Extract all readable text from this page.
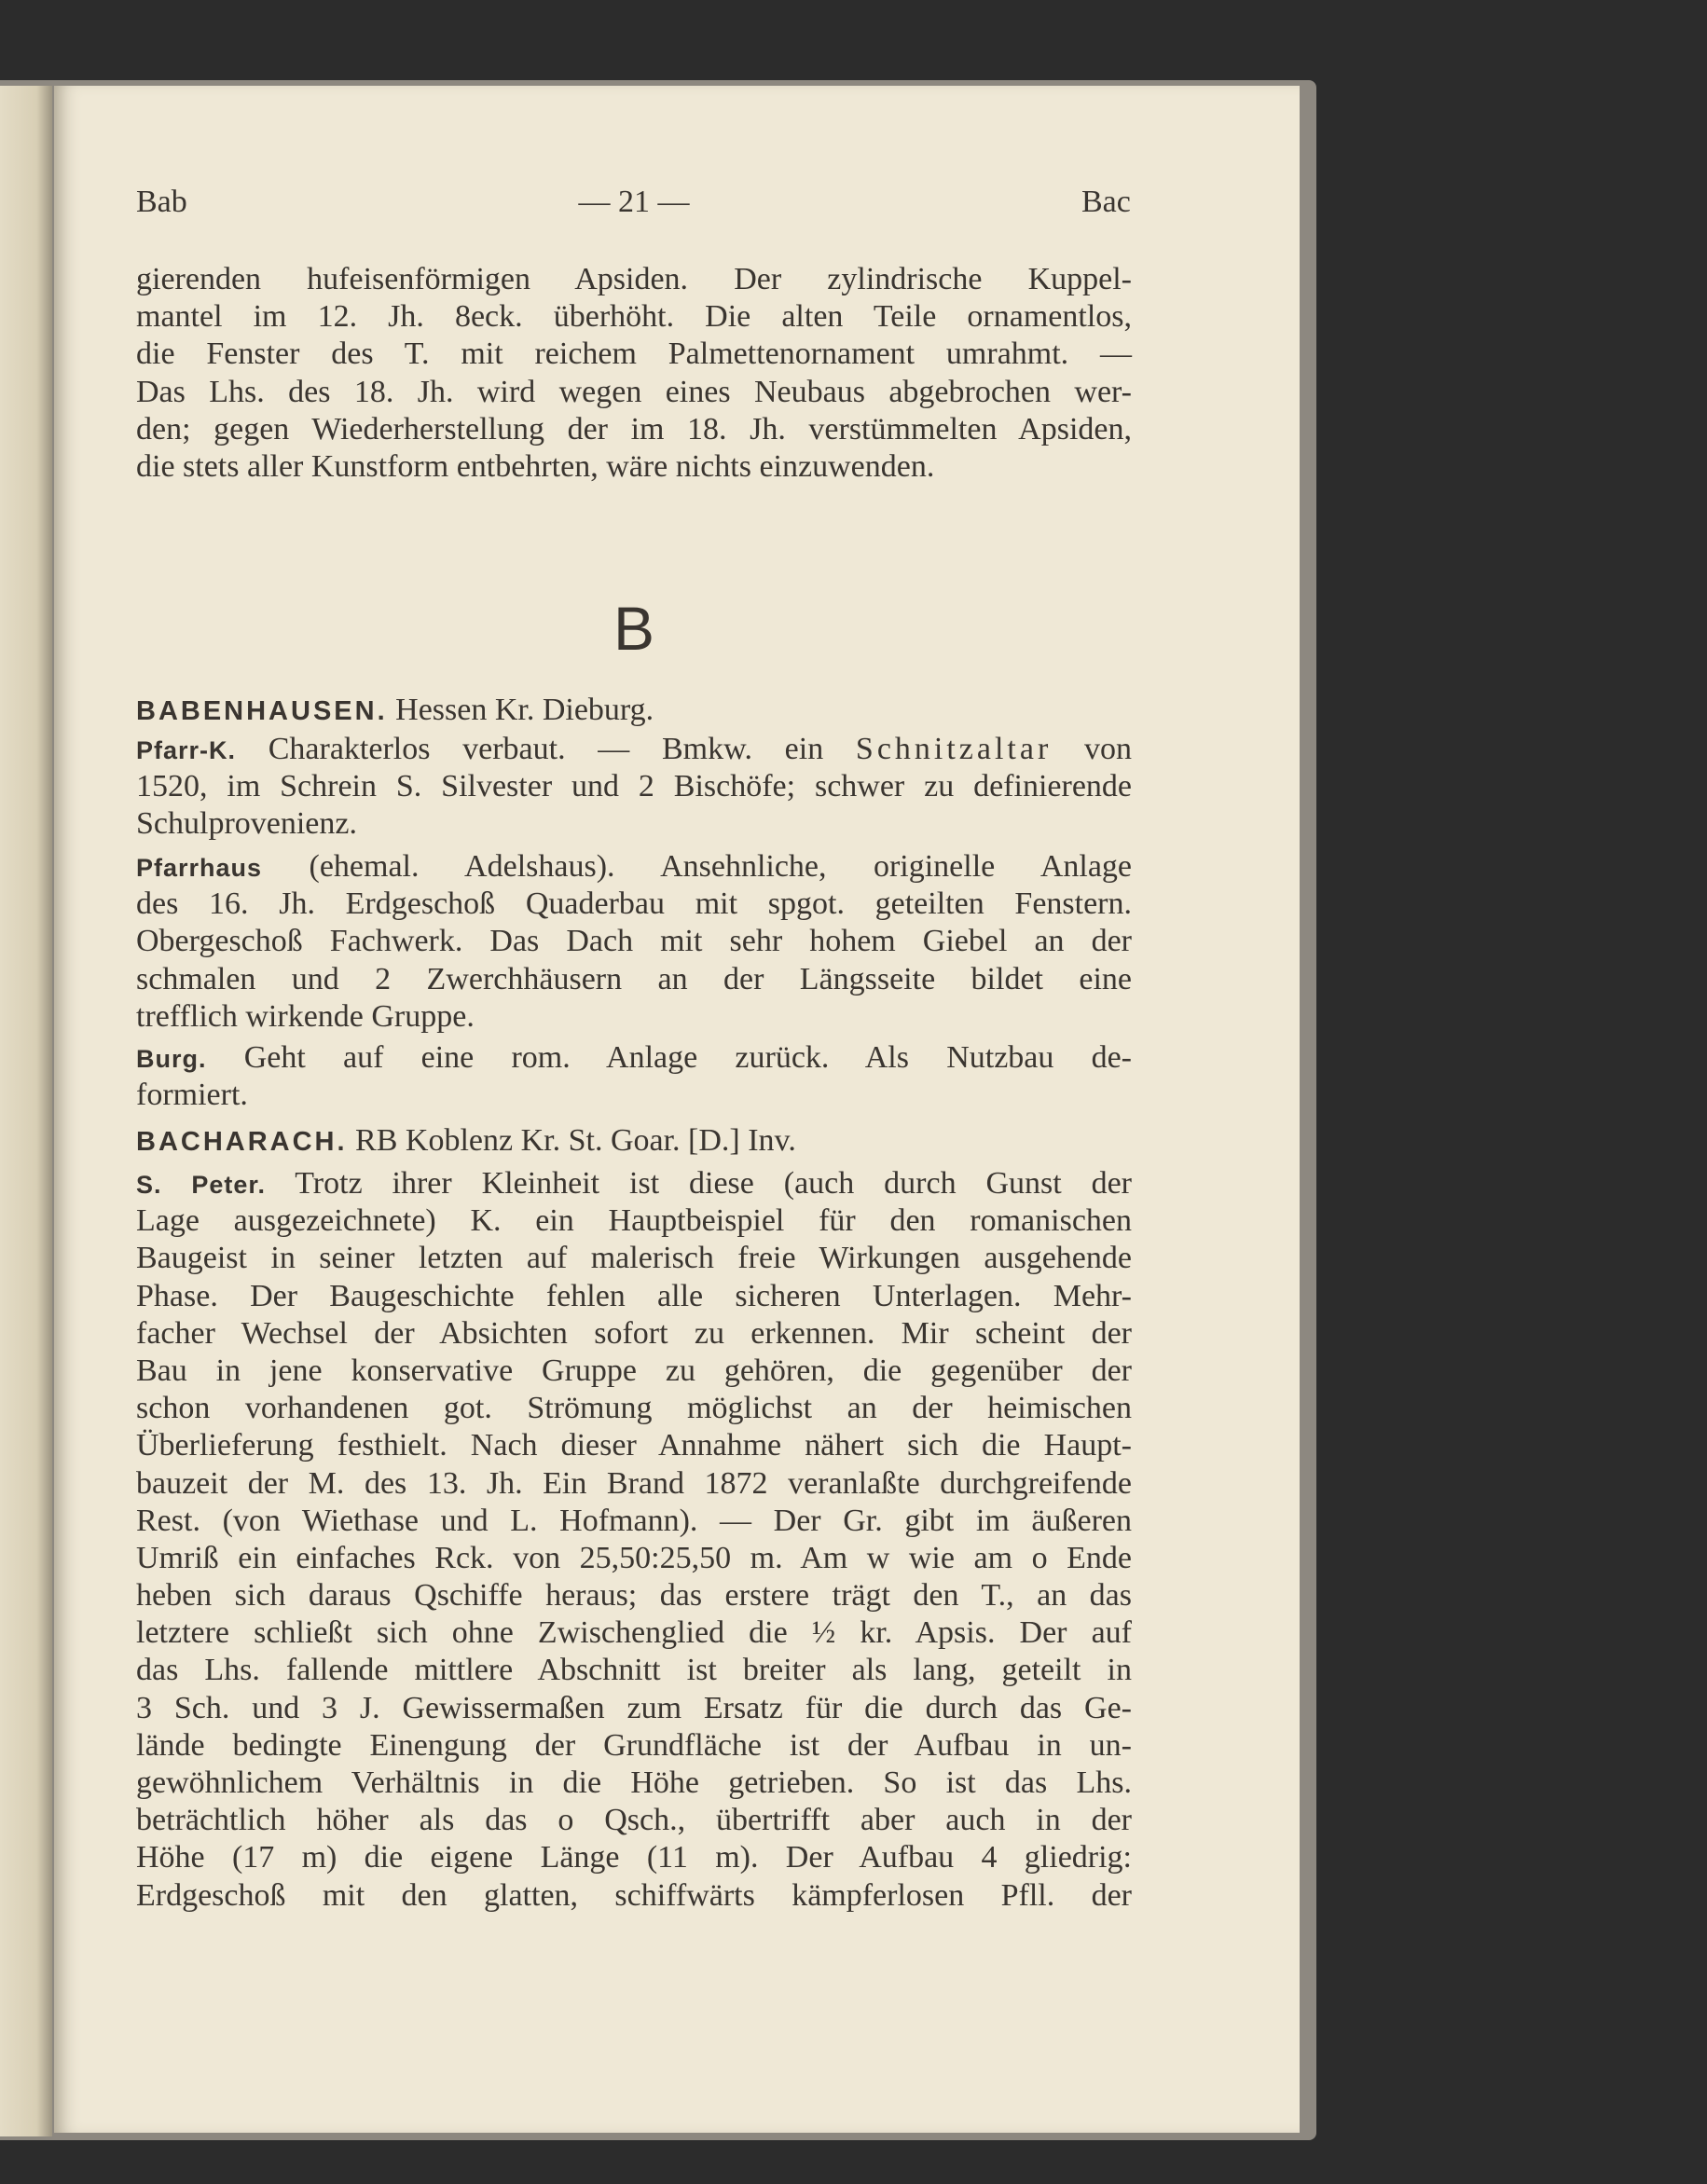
Bab	— 21 —	Bac
B
gierenden hufeisenförmigen Apsiden. Der zylindrische Kuppel-
mantel im 12. Jh. 8eck. überhöht. Die alten Teile ornamentlos,
die Fenster des T. mit reichem Palmettenornament umrahmt. —
Das Lhs. des 18. Jh. wird wegen eines Neubaus abgebrochen wer-
den; gegen Wiederherstellung der im 18. Jh. verstümmelten Apsiden,
die stets aller Kunstform entbehrten, wäre nichts einzuwenden.
BABENHAUSEN. Hessen Kr. Dieburg.
Pfarr-K. Charakterlos verbaut. — Bmkw. ein Schnitzaltar von
1520, im Schrein S. Silvester und 2 Bischöfe; schwer zu definierende
Schulprovenienz.
Pfarrhaus (ehemal. Adelshaus). Ansehnliche, originelle Anlage
des 16. Jh. Erdgeschoß Quaderbau mit spgot. geteilten Fenstern.
Obergeschoß Fachwerk. Das Dach mit sehr hohem Giebel an der
schmalen und 2 Zwerchhäusern an der Längsseite bildet eine
trefflich wirkende Gruppe.
Burg. Geht auf eine rom. Anlage zurück. Als Nutzbau de-
formiert.
BACHARACH. RB Koblenz Kr. St. Goar. [D.] Inv.
S. Peter. Trotz ihrer Kleinheit ist diese (auch durch Gunst der
Lage ausgezeichnete) K. ein Hauptbeispiel für den romanischen
Baugeist in seiner letzten auf malerisch freie Wirkungen ausgehende
Phase. Der Baugeschichte fehlen alle sicheren Unterlagen. Mehr-
facher Wechsel der Absichten sofort zu erkennen. Mir scheint der
Bau in jene konservative Gruppe zu gehören, die gegenüber der
schon vorhandenen got. Strömung möglichst an der heimischen
Überlieferung festhielt. Nach dieser Annahme nähert sich die Haupt-
bauzeit der M. des 13. Jh. Ein Brand 1872 veranlaßte durchgreifende
Rest. (von Wiethase und L. Hofmann). — Der Gr. gibt im äußeren
Umriß ein einfaches Rck. von 25,50:25,50 m. Am w wie am o Ende
heben sich daraus Qschiffe heraus; das erstere trägt den T., an das
letztere schließt sich ohne Zwischenglied die ½ kr. Apsis. Der auf
das Lhs. fallende mittlere Abschnitt ist breiter als lang, geteilt in
3 Sch. und 3 J. Gewissermaßen zum Ersatz für die durch das Ge-
lände bedingte Einengung der Grundfläche ist der Aufbau in un-
gewöhnlichem Verhältnis in die Höhe getrieben. So ist das Lhs.
beträchtlich höher als das o Qsch., übertrifft aber auch in der
Höhe (17 m) die eigene Länge (11 m). Der Aufbau 4 gliedrig:
Erdgeschoß mit den glatten, schiffwärts kämpferlosen Pfll. der
